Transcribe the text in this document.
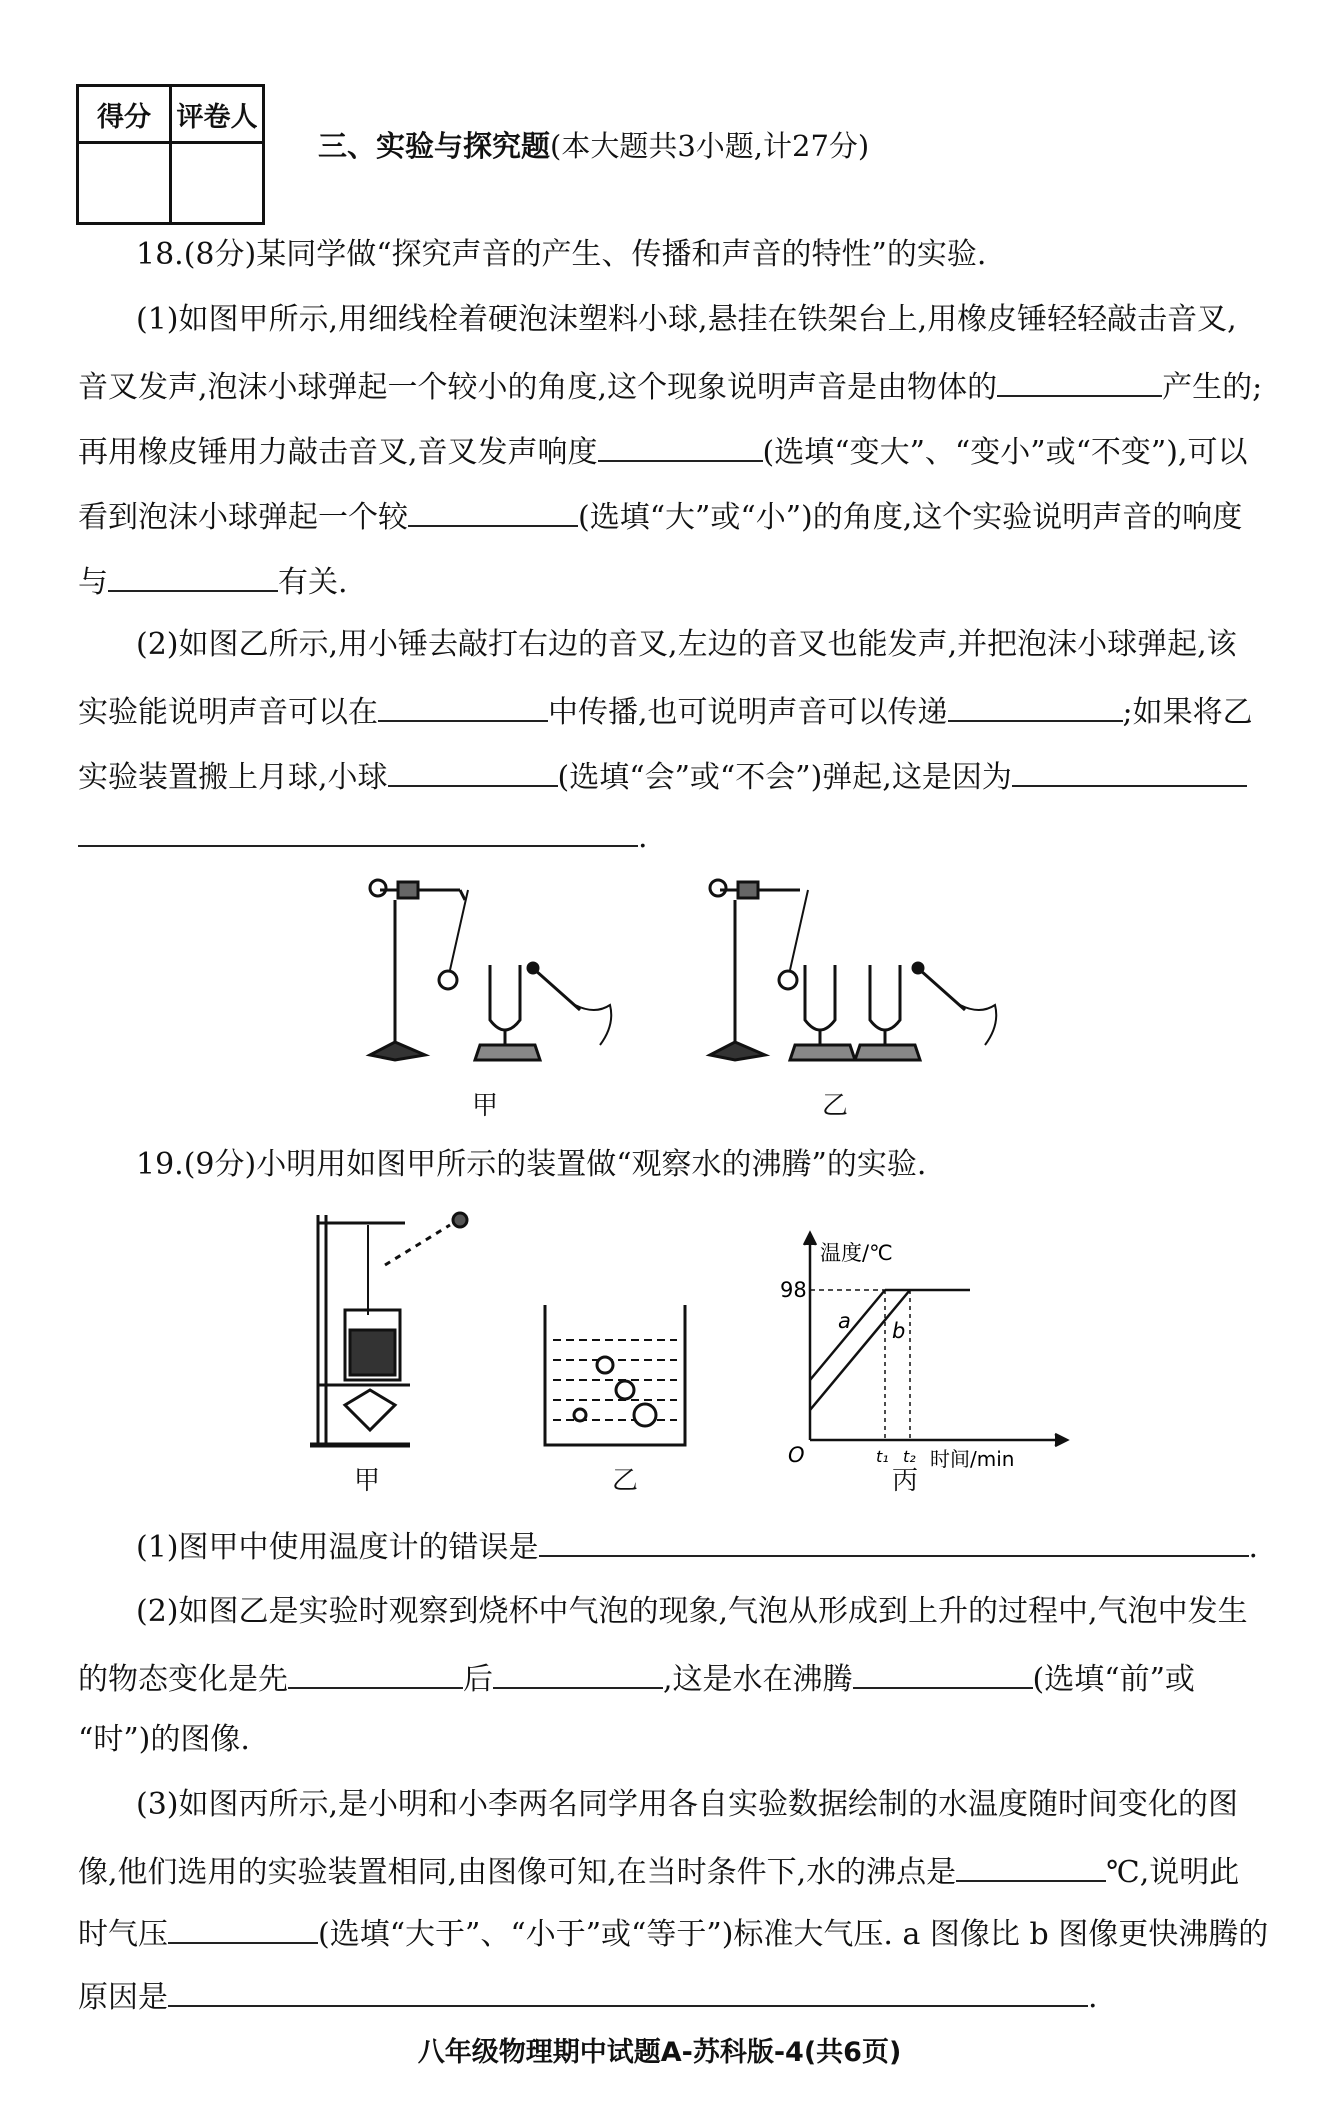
得分	评卷人

三、实验与探究题(本大题共3小题,计27分)
18.(8分)某同学做“探究声音的产生、传播和声音的特性”的实验.
(1)如图甲所示,用细线栓着硬泡沫塑料小球,悬挂在铁架台上,用橡皮锤轻轻敲击音叉,
音叉发声,泡沫小球弹起一个较小的角度,这个现象说明声音是由物体的	产生的;
再用橡皮锤用力敲击音叉,音叉发声响度	(选填“变大”、“变小”或“不变”),可以
看到泡沫小球弹起一个较	(选填“大”或“小”)的角度,这个实验说明声音的响度
与	有关.
(2)如图乙所示,用小锤去敲打右边的音叉,左边的音叉也能发声,并把泡沫小球弹起,该
实验能说明声音可以在	中传播,也可说明声音可以传递	;如果将乙
实验装置搬上月球,小球	(选填“会”或“不会”)弹起,这是因为
.
甲	乙
19.(9分)小明用如图甲所示的装置做“观察水的沸腾”的实验.
甲	乙
温度/℃
98
O
a b
t₁ t₂ 时间/min
丙
(1)图甲中使用温度计的错误是	.
(2)如图乙是实验时观察到烧杯中气泡的现象,气泡从形成到上升的过程中,气泡中发生
的物态变化是先	后	,这是水在沸腾	(选填“前”或
“时”)的图像.
(3)如图丙所示,是小明和小李两名同学用各自实验数据绘制的水温度随时间变化的图
像,他们选用的实验装置相同,由图像可知,在当时条件下,水的沸点是	℃,说明此
时气压	(选填“大于”、“小于”或“等于”)标准大气压. a 图像比 b 图像更快沸腾的
原因是	.
八年级物理期中试题A-苏科版-4(共6页)
